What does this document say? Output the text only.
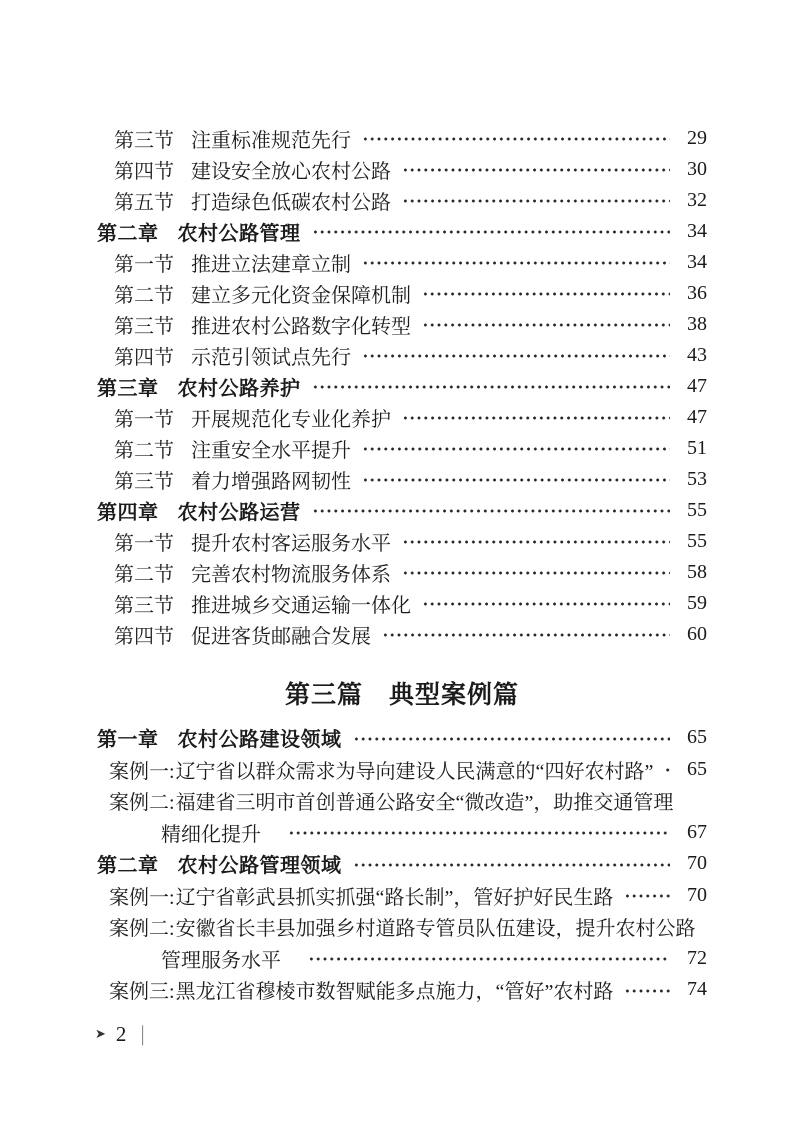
第三节 注重标准规范先行	29
第四节 建设安全放心农村公路	30
第五节 打造绿色低碳农村公路	32
第二章 农村公路管理	34
第一节 推进立法建章立制	34
第二节 建立多元化资金保障机制	36
第三节 推进农村公路数字化转型	38
第四节 示范引领试点先行	43
第三章 农村公路养护	47
第一节 开展规范化专业化养护	47
第二节 注重安全水平提升	51
第三节 着力增强路网韧性	53
第四章 农村公路运营	55
第一节 提升农村客运服务水平	55
第二节 完善农村物流服务体系	58
第三节 推进城乡交通运输一体化	59
第四节 促进客货邮融合发展	60
第三篇　典型案例篇
第一章 农村公路建设领域	65
案例一: 辽宁省以群众需求为导向建设人民满意的“四好农村路”	65
案例二: 福建省三明市首创普通公路安全“微改造”，助推交通管理
精细化提升	67
第二章 农村公路管理领域	70
案例一: 辽宁省彰武县抓实抓强“路长制”，管好护好民生路	70
案例二: 安徽省长丰县加强乡村道路专管员队伍建设，提升农村公路
管理服务水平	72
案例三: 黑龙江省穆棱市数智赋能多点施力，“管好”农村路	74
➤ 2 |
